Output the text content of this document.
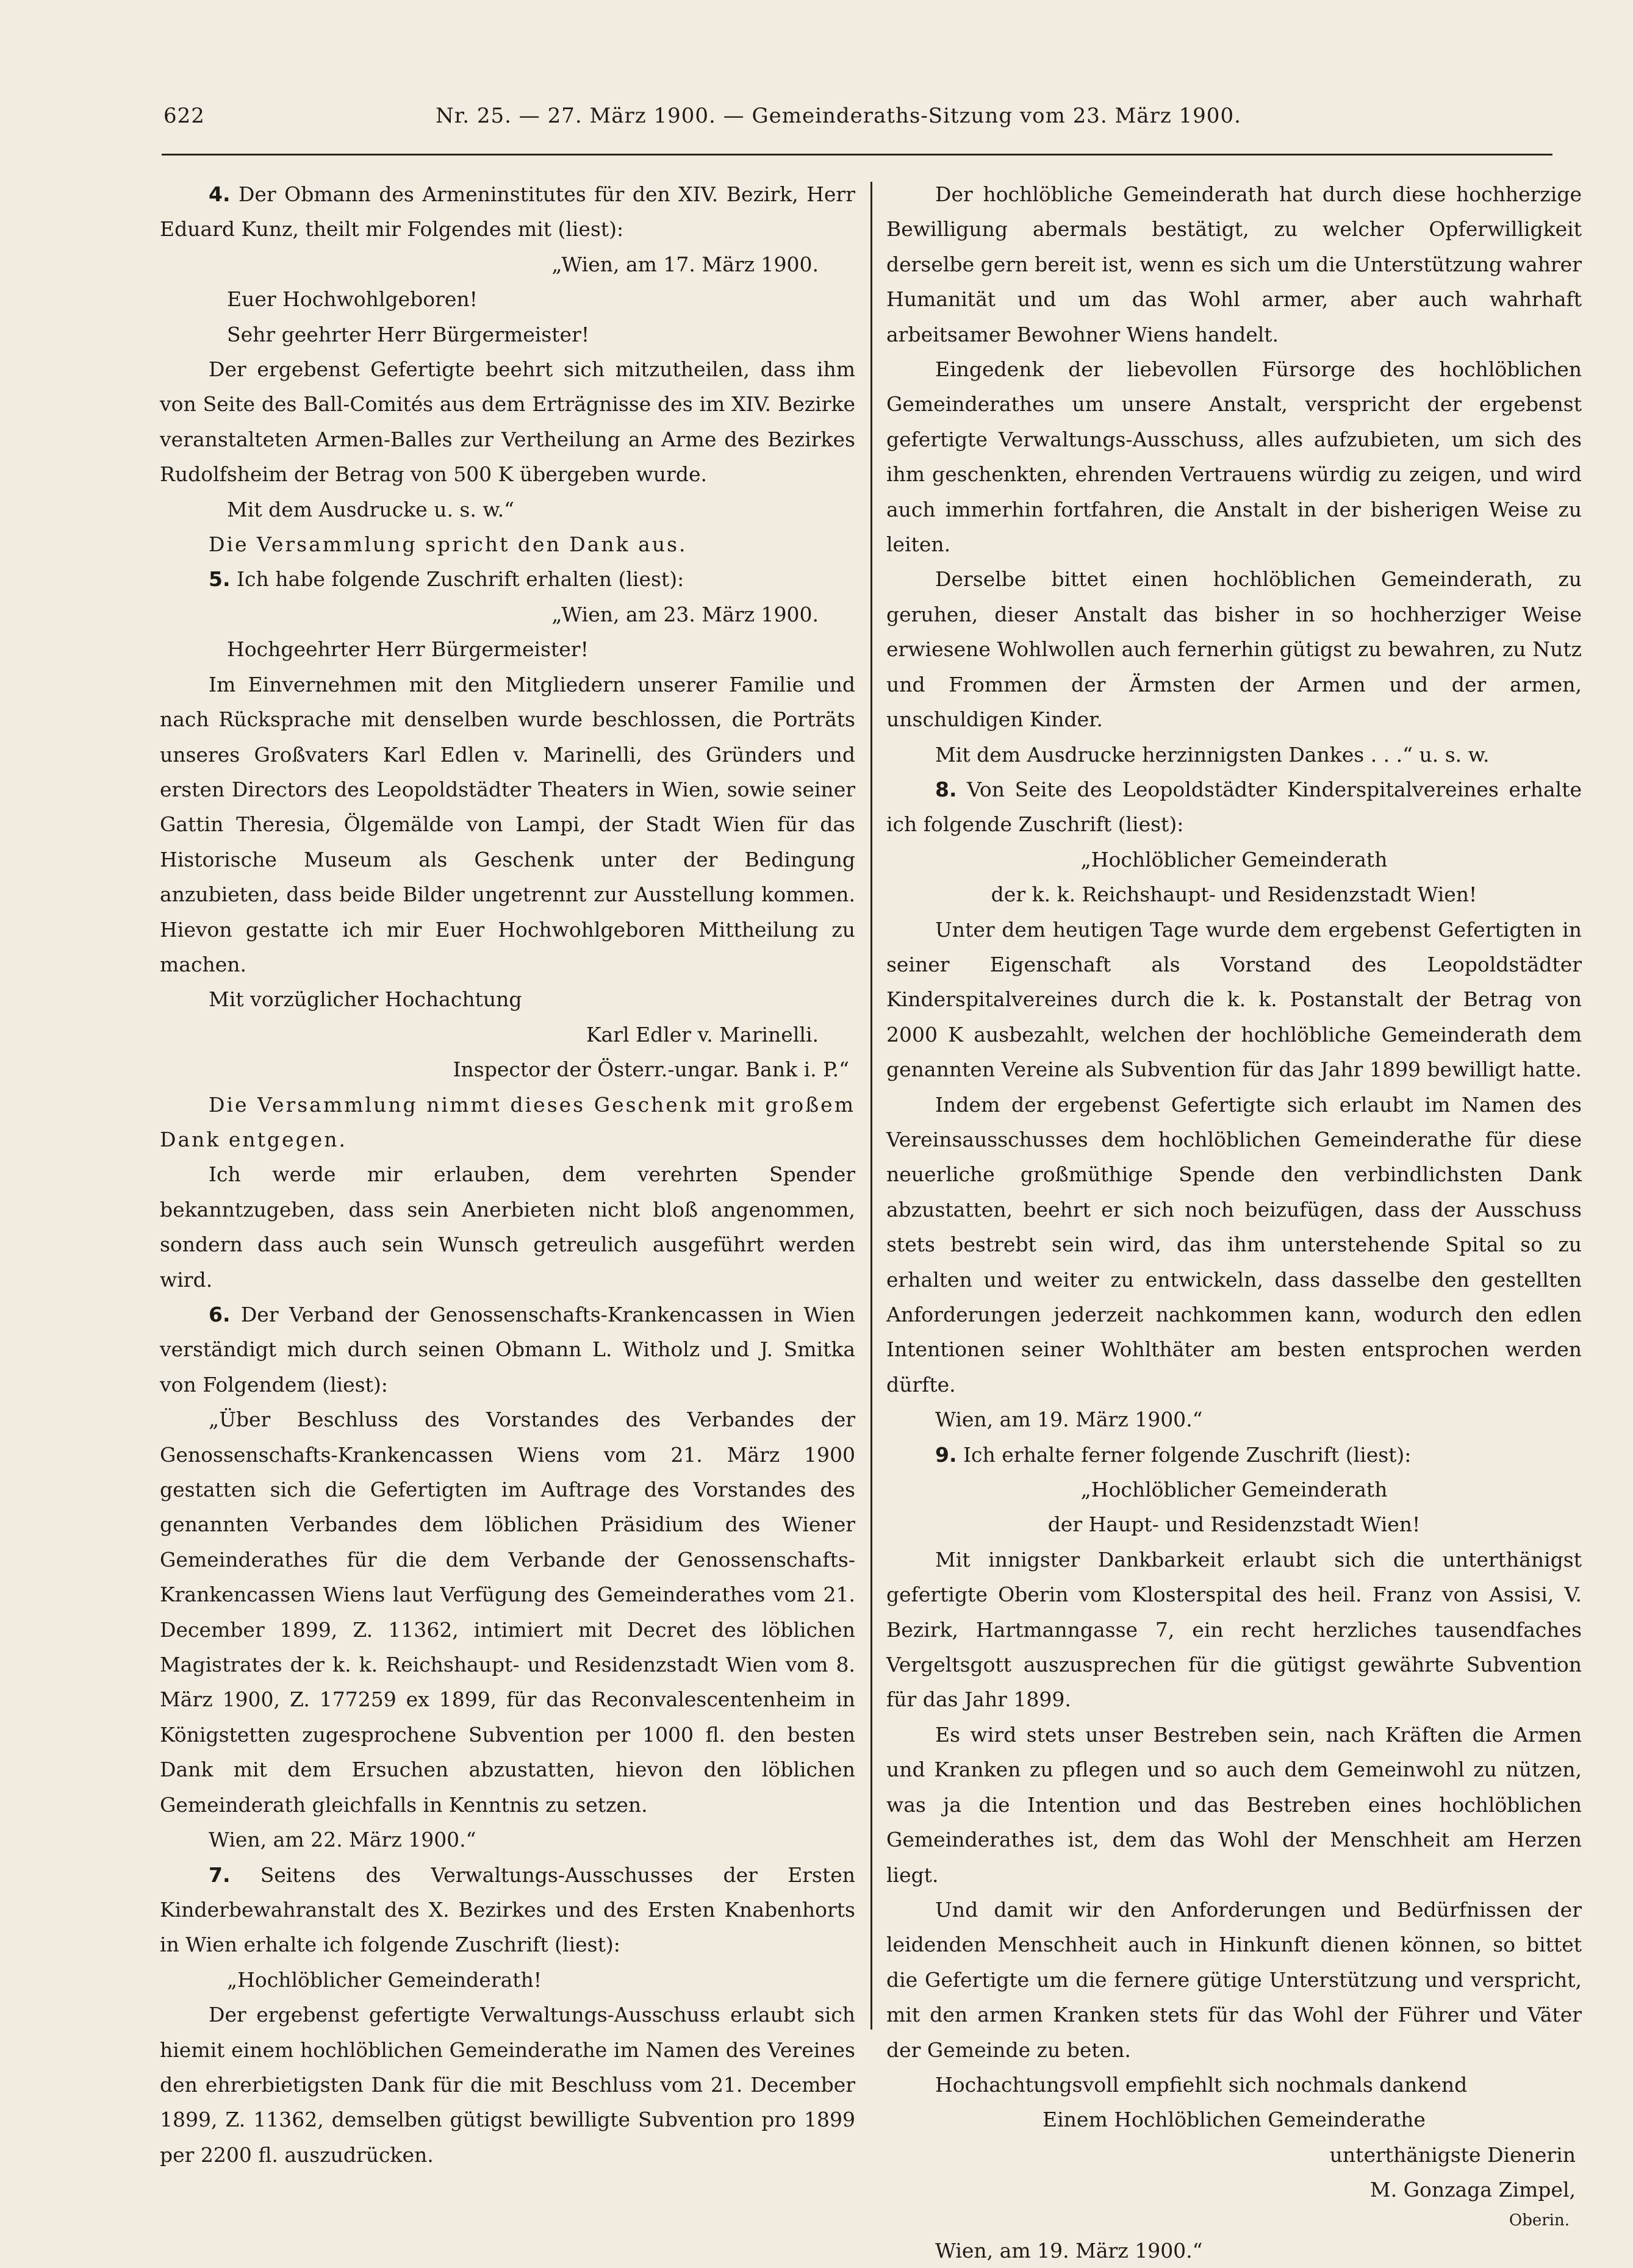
622	Nr. 25. — 27. März 1900. — Gemeinderaths-Sitzung vom 23. März 1900.

4. Der Obmann des Armeninstitutes für den XIV. Bezirk, Herr Eduard Kunz, theilt mir Folgendes mit (liest):

„Wien, am 17. März 1900.

Euer Hochwohlgeboren!

Sehr geehrter Herr Bürgermeister!

Der ergebenst Gefertigte beehrt sich mitzutheilen, dass ihm von Seite des Ball-Comités aus dem Erträgnisse des im XIV. Bezirke veranstalteten Armen-Balles zur Vertheilung an Arme des Bezirkes Rudolfsheim der Betrag von 500 K übergeben wurde.

Mit dem Ausdrucke u. s. w.“

Die Versammlung spricht den Dank aus.

5. Ich habe folgende Zuschrift erhalten (liest):

„Wien, am 23. März 1900.

Hochgeehrter Herr Bürgermeister!

Im Einvernehmen mit den Mitgliedern unserer Familie und nach Rücksprache mit denselben wurde beschlossen, die Porträts unseres Großvaters Karl Edlen v. Marinelli, des Gründers und ersten Directors des Leopoldstädter Theaters in Wien, sowie seiner Gattin Theresia, Ölgemälde von Lampi, der Stadt Wien für das Historische Museum als Geschenk unter der Bedingung anzubieten, dass beide Bilder ungetrennt zur Ausstellung kommen. Hievon gestatte ich mir Euer Hochwohlgeboren Mittheilung zu machen.

Mit vorzüglicher Hochachtung

Karl Edler v. Marinelli.

Inspector der Österr.-ungar. Bank i. P.“

Die Versammlung nimmt dieses Geschenk mit großem Dank entgegen.

Ich werde mir erlauben, dem verehrten Spender bekanntzugeben, dass sein Anerbieten nicht bloß angenommen, sondern dass auch sein Wunsch getreulich ausgeführt werden wird.

6. Der Verband der Genossenschafts-Krankencassen in Wien verständigt mich durch seinen Obmann L. Witholz und J. Smitka von Folgendem (liest):

„Über Beschluss des Vorstandes des Verbandes der Genossenschafts-Krankencassen Wiens vom 21. März 1900 gestatten sich die Gefertigten im Auftrage des Vorstandes des genannten Verbandes dem löblichen Präsidium des Wiener Gemeinderathes für die dem Verbande der Genossenschafts-Krankencassen Wiens laut Verfügung des Gemeinderathes vom 21. December 1899, Z. 11362, intimiert mit Decret des löblichen Magistrates der k. k. Reichshaupt- und Residenzstadt Wien vom 8. März 1900, Z. 177259 ex 1899, für das Reconvalescentenheim in Königstetten zugesprochene Subvention per 1000 fl. den besten Dank mit dem Ersuchen abzustatten, hievon den löblichen Gemeinderath gleichfalls in Kenntnis zu setzen.

Wien, am 22. März 1900.“

7. Seitens des Verwaltungs-Ausschusses der Ersten Kinderbewahranstalt des X. Bezirkes und des Ersten Knabenhorts in Wien erhalte ich folgende Zuschrift (liest):

„Hochlöblicher Gemeinderath!

Der ergebenst gefertigte Verwaltungs-Ausschuss erlaubt sich hiemit einem hochlöblichen Gemeinderathe im Namen des Vereines den ehrerbietigsten Dank für die mit Beschluss vom 21. December 1899, Z. 11362, demselben gütigst bewilligte Subvention pro 1899 per 2200 fl. auszudrücken.

Der hochlöbliche Gemeinderath hat durch diese hochherzige Bewilligung abermals bestätigt, zu welcher Opferwilligkeit derselbe gern bereit ist, wenn es sich um die Unterstützung wahrer Humanität und um das Wohl armer, aber auch wahrhaft arbeitsamer Bewohner Wiens handelt.

Eingedenk der liebevollen Fürsorge des hochlöblichen Gemeinderathes um unsere Anstalt, verspricht der ergebenst gefertigte Verwaltungs-Ausschuss, alles aufzubieten, um sich des ihm geschenkten, ehrenden Vertrauens würdig zu zeigen, und wird auch immerhin fortfahren, die Anstalt in der bisherigen Weise zu leiten.

Derselbe bittet einen hochlöblichen Gemeinderath, zu geruhen, dieser Anstalt das bisher in so hochherziger Weise erwiesene Wohlwollen auch fernerhin gütigst zu bewahren, zu Nutz und Frommen der Ärmsten der Armen und der armen, unschuldigen Kinder.

Mit dem Ausdrucke herzinnigsten Dankes . . .“ u. s. w.

8. Von Seite des Leopoldstädter Kinderspitalvereines erhalte ich folgende Zuschrift (liest):

„Hochlöblicher Gemeinderath

der k. k. Reichshaupt- und Residenzstadt Wien!

Unter dem heutigen Tage wurde dem ergebenst Gefertigten in seiner Eigenschaft als Vorstand des Leopoldstädter Kinderspitalvereines durch die k. k. Postanstalt der Betrag von 2000 K ausbezahlt, welchen der hochlöbliche Gemeinderath dem genannten Vereine als Subvention für das Jahr 1899 bewilligt hatte.

Indem der ergebenst Gefertigte sich erlaubt im Namen des Vereinsausschusses dem hochlöblichen Gemeinderathe für diese neuerliche großmüthige Spende den verbindlichsten Dank abzustatten, beehrt er sich noch beizufügen, dass der Ausschuss stets bestrebt sein wird, das ihm unterstehende Spital so zu erhalten und weiter zu entwickeln, dass dasselbe den gestellten Anforderungen jederzeit nachkommen kann, wodurch den edlen Intentionen seiner Wohlthäter am besten entsprochen werden dürfte.

Wien, am 19. März 1900.“

9. Ich erhalte ferner folgende Zuschrift (liest):

„Hochlöblicher Gemeinderath

der Haupt- und Residenzstadt Wien!

Mit innigster Dankbarkeit erlaubt sich die unterthänigst gefertigte Oberin vom Klosterspital des heil. Franz von Assisi, V. Bezirk, Hartmanngasse 7, ein recht herzliches tausendfaches Vergeltsgott auszusprechen für die gütigst gewährte Subvention für das Jahr 1899.

Es wird stets unser Bestreben sein, nach Kräften die Armen und Kranken zu pflegen und so auch dem Gemeinwohl zu nützen, was ja die Intention und das Bestreben eines hochlöblichen Gemeinderathes ist, dem das Wohl der Menschheit am Herzen liegt.

Und damit wir den Anforderungen und Bedürfnissen der leidenden Menschheit auch in Hinkunft dienen können, so bittet die Gefertigte um die fernere gütige Unterstützung und verspricht, mit den armen Kranken stets für das Wohl der Führer und Väter der Gemeinde zu beten.

Hochachtungsvoll empfiehlt sich nochmals dankend

Einem Hochlöblichen Gemeinderathe

unterthänigste Dienerin

M. Gonzaga Zimpel,

Oberin.

Wien, am 19. März 1900.“
